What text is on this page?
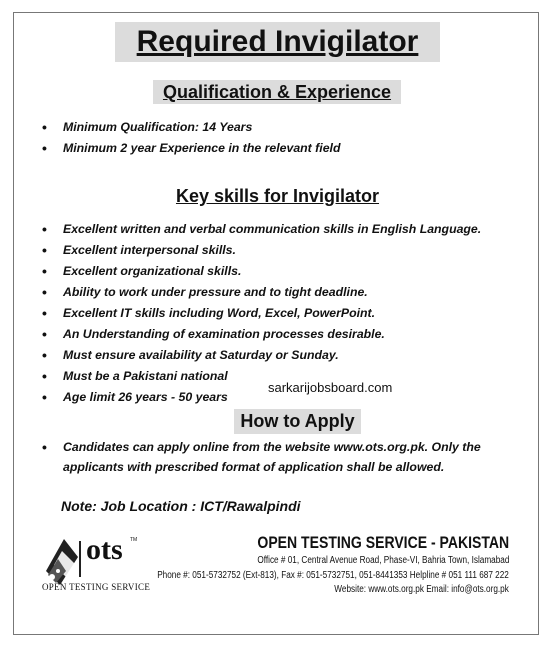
Required Invigilator
Qualification & Experience
• Minimum Qualification: 14 Years
• Minimum 2 year Experience in the relevant field
Key skills for Invigilator
• Excellent written and verbal communication skills in English Language.
• Excellent interpersonal skills.
• Excellent organizational skills.
• Ability to work under pressure and to tight deadline.
• Excellent IT skills including Word, Excel, PowerPoint.
• An Understanding of examination processes desirable.
• Must ensure availability at Saturday or Sunday.
• Must be a Pakistani national
• Age limit 26 years - 50 years
sarkarijobsboard.com
How to Apply
• Candidates can apply online from the website www.ots.org.pk. Only the applicants with prescribed format of application shall be allowed.
Note: Job Location : ICT/Rawalpindi
ots TM
OPEN TESTING SERVICE
OPEN TESTING SERVICE - PAKISTAN
Office # 01, Central Avenue Road, Phase-VI, Bahria Town, Islamabad
Phone #: 051-5732752 (Ext-813), Fax #: 051-5732751, 051-8441353 Helpline # 051 111 687 222
Website: www.ots.org.pk Email: info@ots.org.pk
